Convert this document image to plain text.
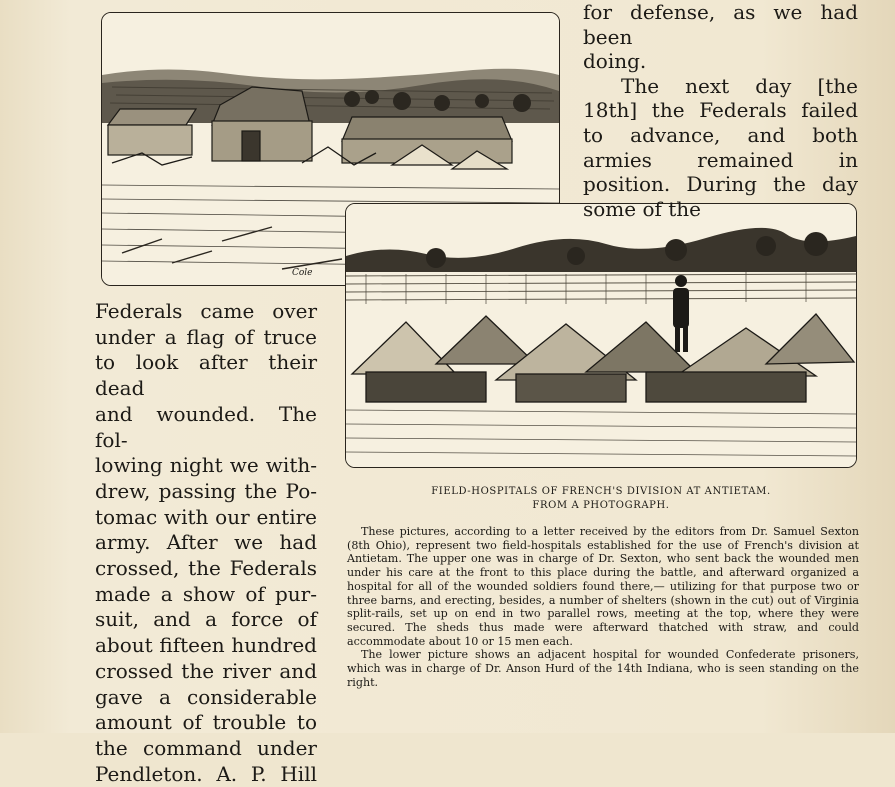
Cole

for defense, as we had been

doing.

The next day [the 18th] the Federals failed to advance, and both armies remained in position. During the day some of the

Federals came over
under a flag of truce
to look after their dead
and wounded. The fol-
lowing night we with-
drew, passing the Po-
tomac with our entire
army. After we had
crossed, the Federals
made a show of pur-
suit, and a force of
about fifteen hundred
crossed the river and
gave a considerable
amount of trouble to
the command under
Pendleton. A. P. Hill

FIELD-HOSPITALS OF FRENCH'S DIVISION AT ANTIETAM.
FROM A PHOTOGRAPH.

These pictures, according to a letter received by the editors from Dr. Samuel Sexton (8th Ohio), represent two field-hospitals established for the use of French's division at Antietam. The upper one was in charge of Dr. Sexton, who sent back the wounded men under his care at the front to this place during the battle, and afterward organized a hospital for all of the wounded soldiers found there,— utilizing for that purpose two or three barns, and erecting, besides, a number of shelters (shown in the cut) out of Virginia split-rails, set up on end in two parallel rows, meeting at the top, where they were secured. The sheds thus made were afterward thatched with straw, and could accommodate about 10 or 15 men each.

The lower picture shows an adjacent hospital for wounded Confederate prisoners, which was in charge of Dr. Anson Hurd of the 14th Indiana, who is seen standing on the right.
